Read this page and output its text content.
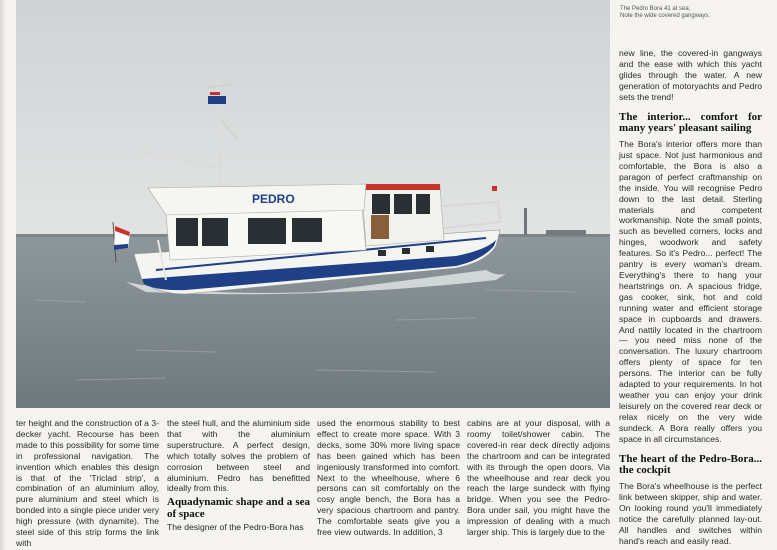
PEDRO
The Pedro Bora 41 at sea.
Note the wide covered gangways.

ter height and the construction of a 3-decker yacht. Recourse has been made to this possibility for some time in professional navigation. The invention which enables this design is that of the 'Triclad strip', a combination of an aluminium alloy, pure aluminium and steel which is bonded into a single piece under very high pressure (with dynamite). The steel side of this strip forms the link with

the steel hull, and the aluminium side that with the aluminium superstructure. A perfect design, which totally solves the problem of corrosion between steel and aluminium. Pedro has benefitted ideally from this.

Aquadynamic shape and a sea of space

The designer of the Pedro-Bora has

used the enormous stability to best effect to create more space. With 3 decks, some 30% more living space has been gained which has been ingeniously transformed into comfort. Next to the wheelhouse, where 6 persons can sit comfortably on the cosy angle bench, the Bora has a very spacious chartroom and pantry. The comfortable seats give you a free view outwards. In addition, 3

cabins are at your disposal, with a roomy toilet/shower cabin. The covered-in rear deck directly adjoins the chartroom and can be integrated with its through the open doors. Via the wheelhouse and rear deck you reach the large sundeck with flying bridge. When you see the Pedro-Bora under sail, you might have the impression of dealing with a much larger ship. This is largely due to the

new line, the covered-in gangways and the ease with which this yacht glides through the water. A new generation of motoryachts and Pedro sets the trend!

The interior... comfort for many years' pleasant sailing

The Bora's interior offers more than just space. Not just harmonious and comfortable, the Bora is also a paragon of perfect craftmanship on the inside. You will recognise Pedro down to the last detail. Sterling materials and competent workmanship. Note the small points, such as bevelled corners, locks and hinges, woodwork and safety features. So it's Pedro... perfect! The pantry is every woman's dream. Everything's there to hang your heartstrings on. A spacious fridge, gas cooker, sink, hot and cold running water and efficient storage space in cupboards and drawers. And nattily located in the chartroom — you need miss none of the conversation. The luxury chartroom offers plenty of space for ten persons. The interior can be fully adapted to your requirements. In hot weather you can enjoy your drink leisurely on the covered rear deck or relax nicely on the very wide sundeck. A Bora really offers you space in all circumstances.

The heart of the Pedro-Bora... the cockpit

The Bora's wheelhouse is the perfect link between skipper, ship and water. On looking round you'll immediately notice the carefully planned lay-out. All handles and switches within hand's reach and easily read.
